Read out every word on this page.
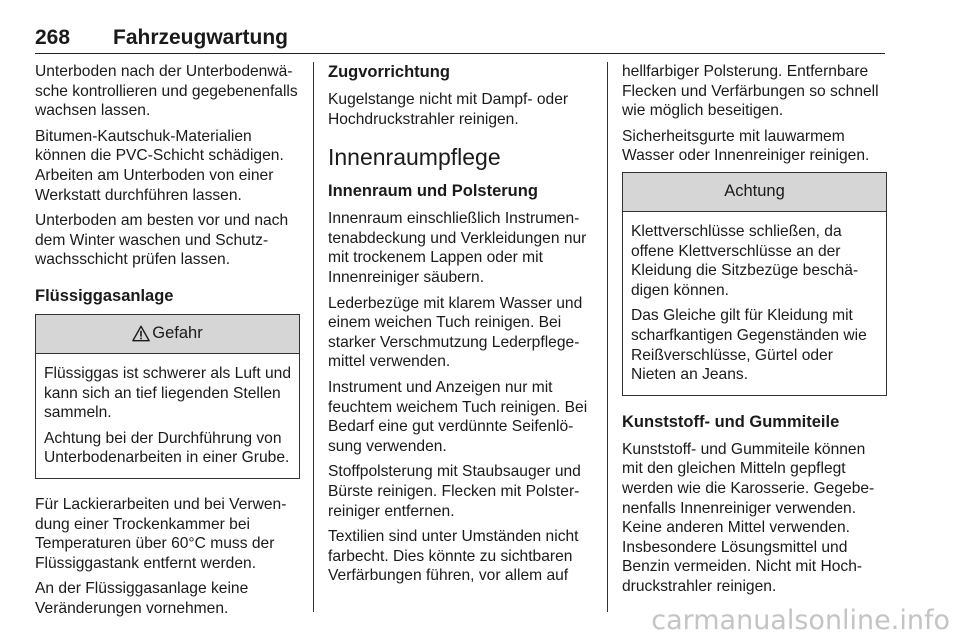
268 Fahrzeugwartung

Unterboden nach der Unterbodenwäsche kontrollieren und gegebenenfalls wachsen lassen.

Bitumen-Kautschuk-Materialien können die PVC-Schicht schädigen. Arbeiten am Unterboden von einer Werkstatt durchführen lassen.

Unterboden am besten vor und nach dem Winter waschen und Schutzwachsschicht prüfen lassen.

Flüssiggasanlage
Gefahr

Flüssiggas ist schwerer als Luft und kann sich an tief liegenden Stellen sammeln.

Achtung bei der Durchführung von Unterbodenarbeiten in einer Grube.

Für Lackierarbeiten und bei Verwendung einer Trockenkammer bei Temperaturen über 60°C muss der Flüssiggastank entfernt werden.

An der Flüssiggasanlage keine Veränderungen vornehmen.

Zugvorrichtung

Kugelstange nicht mit Dampf- oder Hochdruckstrahler reinigen.

Innenraumpflege
Innenraum und Polsterung

Innenraum einschließlich Instrumentenabdeckung und Verkleidungen nur mit trockenem Lappen oder mit Innenreiniger säubern.

Lederbezüge mit klarem Wasser und einem weichen Tuch reinigen. Bei starker Verschmutzung Lederpflegemittel verwenden.

Instrument und Anzeigen nur mit feuchtem weichem Tuch reinigen. Bei Bedarf eine gut verdünnte Seifenlösung verwenden.

Stoffpolsterung mit Staubsauger und Bürste reinigen. Flecken mit Polsterreiniger entfernen.

Textilien sind unter Umständen nicht farbecht. Dies könnte zu sichtbaren Verfärbungen führen, vor allem auf

hellfarbiger Polsterung. Entfernbare Flecken und Verfärbungen so schnell wie möglich beseitigen.

Sicherheitsgurte mit lauwarmem Wasser oder Innenreiniger reinigen.

Achtung

Klettverschlüsse schließen, da offene Klettverschlüsse an der Kleidung die Sitzbezüge beschädigen können.

Das Gleiche gilt für Kleidung mit scharfkantigen Gegenständen wie Reißverschlüsse, Gürtel oder Nieten an Jeans.

Kunststoff- und Gummiteile

Kunststoff- und Gummiteile können mit den gleichen Mitteln gepflegt werden wie die Karosserie. Gegebenenfalls Innenreiniger verwenden. Keine anderen Mittel verwenden. Insbesondere Lösungsmittel und Benzin vermeiden. Nicht mit Hochdruckstrahler reinigen.

carmanualsonline.info
